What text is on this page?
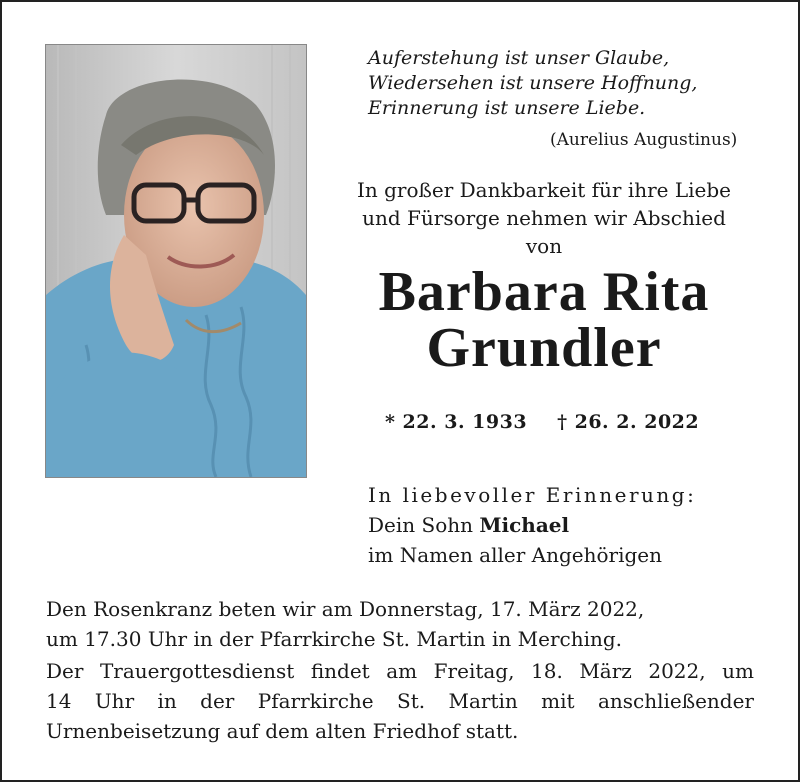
Auferstehung ist unser Glaube,
Wiedersehen ist unsere Hoffnung,
Erinnerung ist unsere Liebe.
(Aurelius Augustinus)
In großer Dankbarkeit für ihre Liebe
und Fürsorge nehmen wir Abschied
von
Barbara Rita
Grundler
* 22. 3. 1933 † 26. 2. 2022
In liebevoller Erinnerung:
Dein Sohn Michael
im Namen aller Angehörigen

Den Rosenkranz beten wir am Donnerstag, 17. März 2022,
um 17.30 Uhr in der Pfarrkirche St. Martin in Merching.

Der Trauergottesdienst findet am Freitag, 18. März 2022, um
14 Uhr in der Pfarrkirche St. Martin mit anschließender
Urnenbeisetzung auf dem alten Friedhof statt.
